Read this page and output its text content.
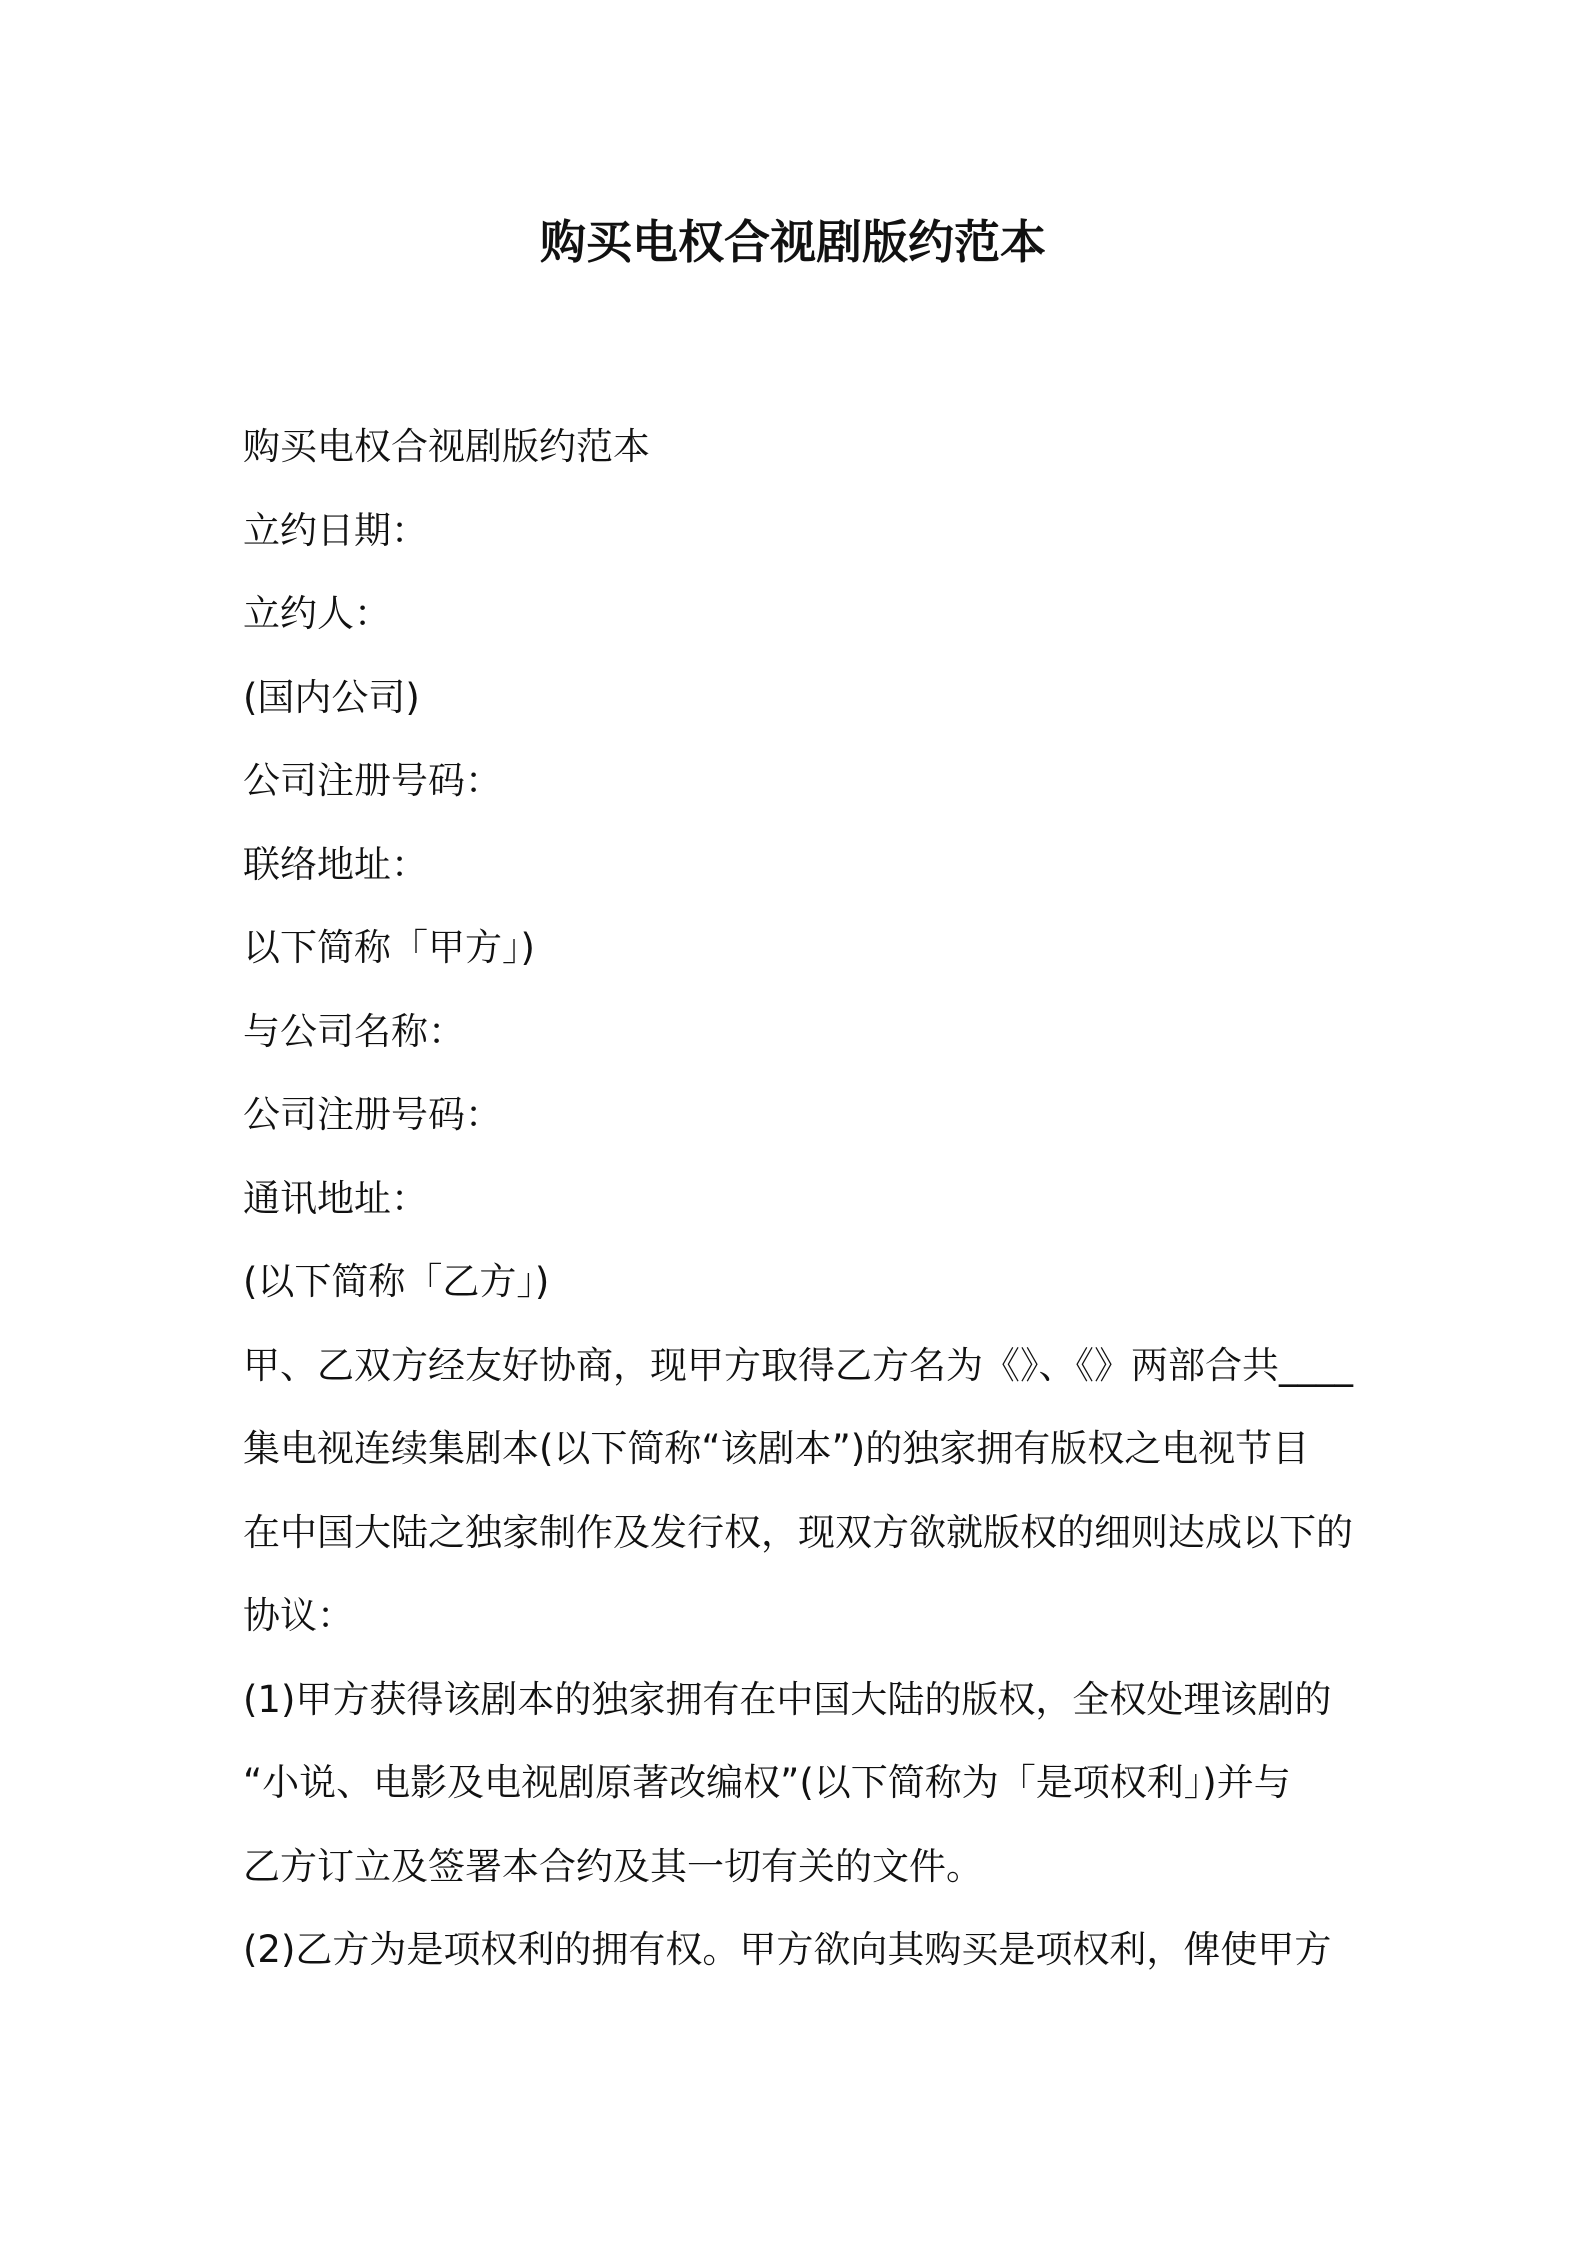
购买电权合视剧版约范本
购买电权合视剧版约范本
立约日期：
立约人：
(国内公司)
公司注册号码：
联络地址：
以下简称「甲方」)
与公司名称：
公司注册号码：
通讯地址：
(以下简称「乙方」)
甲、乙双方经友好协商，现甲方取得乙方名为《》、《》两部合共____
集电视连续集剧本(以下简称“该剧本”)的独家拥有版权之电视节目
在中国大陆之独家制作及发行权，现双方欲就版权的细则达成以下的
协议：
(1)甲方获得该剧本的独家拥有在中国大陆的版权，全权处理该剧的
“小说、电影及电视剧原著改编权”(以下简称为「是项权利」)并与
乙方订立及签署本合约及其一切有关的文件。
(2)乙方为是项权利的拥有权。甲方欲向其购买是项权利，俾使甲方
